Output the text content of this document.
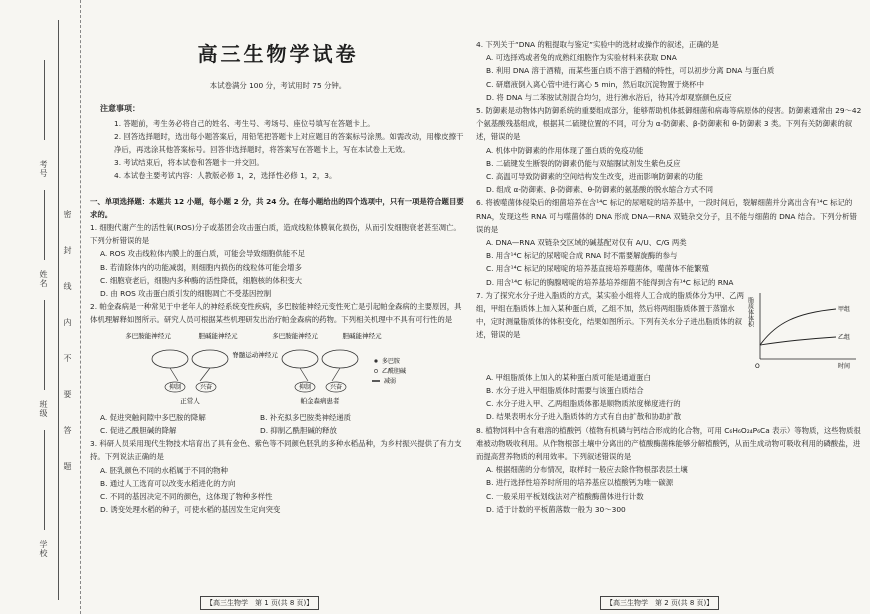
考号
姓名
班级
学校
密封线内不要答题
高三生物学试卷
本试卷满分 100 分，考试用时 75 分钟。
注意事项：
1. 答题前，考生务必将自己的姓名、考生号、考场号、座位号填写在答题卡上。
2. 回答选择题时，选出每小题答案后，用铅笔把答题卡上对应题目的答案标号涂黑。如需改动，用橡皮擦干净后，再选涂其他答案标号。回答非选择题时，将答案写在答题卡上，写在本试卷上无效。
3. 考试结束后，将本试卷和答题卡一并交回。
4. 本试卷主要考试内容：人教版必修 1，2，选择性必修 1，2，3。
一、单项选择题：本题共 12 小题，每小题 2 分，共 24 分。在每小题给出的四个选项中，只有一项是符合题目要求的。
1. 细胞代谢产生的活性氧(ROS)分子或基团会攻击蛋白质，造成线粒体膜氧化损伤，从而引发细胞衰老甚至凋亡。下列分析错误的是
A. ROS 攻击线粒体内膜上的蛋白质，可能会导致细胞供能不足
B. 若清除体内的功能减弱，则细胞内损伤的线粒体可能会增多
C. 细胞衰老后，细胞内多种酶的活性降低，细胞核的体积变大
D. 由 ROS 攻击蛋白质引发的细胞凋亡不受基因控制
2. 帕金森病是一种常见于中老年人的神经系统变性疾病，多巴胺能神经元变性死亡是引起帕金森病的主要原因，具体机理解释如图所示。研究人员可根据某些机理研发出治疗帕金森病的药物。下列相关机理中不具有可行性的是
多巴胺能神经元	胆碱能神经元	多巴胺能神经元	胆碱能神经元
脊髓运动神经元
抑制	兴奋	抑制	兴奋
正常人	帕金森病患者
多巴胺
乙酰胆碱
减弱
A. 促进突触间隙中多巴胺的降解	B. 补充拟多巴胺类神经递质
C. 促进乙酰胆碱的降解	D. 抑制乙酰胆碱的释放
3. 科研人员采用现代生物技术培育出了具有金色、紫色等不同颜色胚乳的多种水稻品种，为乡村振兴提供了有力支持。下列说法正确的是
A. 胚乳颜色不同的水稻属于不同的物种
B. 通过人工选育可以改变水稻进化的方向
C. 不同的基因决定不同的颜色，这体现了物种多样性
D. 诱变处理水稻的种子，可使水稻的基因发生定向突变
4. 下列关于“DNA 的粗提取与鉴定”实验中的选材或操作的叙述，正确的是
A. 可选择鸡或者兔的成熟红细胞作为实验材料来获取 DNA
B. 利用 DNA 溶于酒精，而某些蛋白质不溶于酒精的特性，可以初步分离 DNA 与蛋白质
C. 研磨液倒入离心管中进行离心 5 min，然后取沉淀物置于烧杯中
D. 将 DNA 与二苯胺试剂混合均匀，进行沸水浴后，待其冷却观察颜色反应
5. 防御素是动物体内防御系统的重要组成部分，能够帮助机体抵御细菌和病毒等病原体的侵害。防御素通常由 29～42 个氨基酸残基组成，根据其二硫键位置的不同，可分为 α-防御素、β-防御素和 θ-防御素 3 类。下列有关防御素的叙述，错误的是
A. 机体中防御素的作用体现了蛋白质的免疫功能
B. 二硫键发生断裂的防御素仍能与双缩脲试剂发生紫色反应
C. 高温可导致防御素的空间结构发生改变，进而影响防御素的功能
D. 组成 α-防御素、β-防御素、θ-防御素的氨基酸的脱水缩合方式不同
6. 将被噬菌体侵染后的细菌培养在含¹⁴C 标记的尿嘧啶的培养基中，一段时间后，裂解细菌并分离出含有¹⁴C 标记的 RNA，发现这些 RNA 可与噬菌体的 DNA 形成 DNA—RNA 双链杂交分子，且不能与细菌的 DNA 结合。下列分析错误的是
A. DNA—RNA 双链杂交区域的碱基配对仅有 A/U、C/G 两类
B. 用含¹⁴C 标记的尿嘧啶合成 RNA 时不需要解旋酶的参与
C. 用含¹⁴C 标记的尿嘧啶的培养基直接培养噬菌体，噬菌体不能繁殖
D. 用含¹⁴C 标记的胸腺嘧啶的培养基培养细菌不能得到含有¹⁴C 标记的 RNA
7. 为了探究水分子进入脂质的方式，某实验小组将人工合成的脂质体分为甲、乙两组，甲组在脂质体上加入某种蛋白质，乙组不加，然后将两组脂质体置于蒸馏水中，定时测量脂质体的体积变化，结果如图所示。下列有关水分子进出脂质体的叙述，错误的是
脂质体体积
O	时间
甲组
乙组
A. 甲组脂质体上加入的某种蛋白质可能是通道蛋白
B. 水分子进入甲组脂质体时需要与该蛋白质结合
C. 水分子进入甲、乙两组脂质体都是顺物质浓度梯度进行的
D. 结果表明水分子进入脂质体的方式有自由扩散和协助扩散
8. 植物饲料中含有难溶的植酸钙（植物有机磷与钙结合形成的化合物，可用 C₆H₆O₂₄P₆Ca 表示）等物质，这些物质很难被动物吸收利用。从作物根部土壤中分离出的产植酸酶菌株能够分解植酸钙，从而生成动物可吸收利用的磷酸盐，进而提高营养物质的利用效率。下列叙述错误的是
A. 根据细菌的分布情况，取样时一般应去除作物根部表层土壤
B. 进行选择性培养时所用的培养基应以植酸钙为唯一碳源
C. 一般采用平板划线法对产植酸酶菌体进行计数
D. 适于计数的平板菌落数一般为 30～300
【高三生物学　第 1 页(共 8 页)】	【高三生物学　第 2 页(共 8 页)】
